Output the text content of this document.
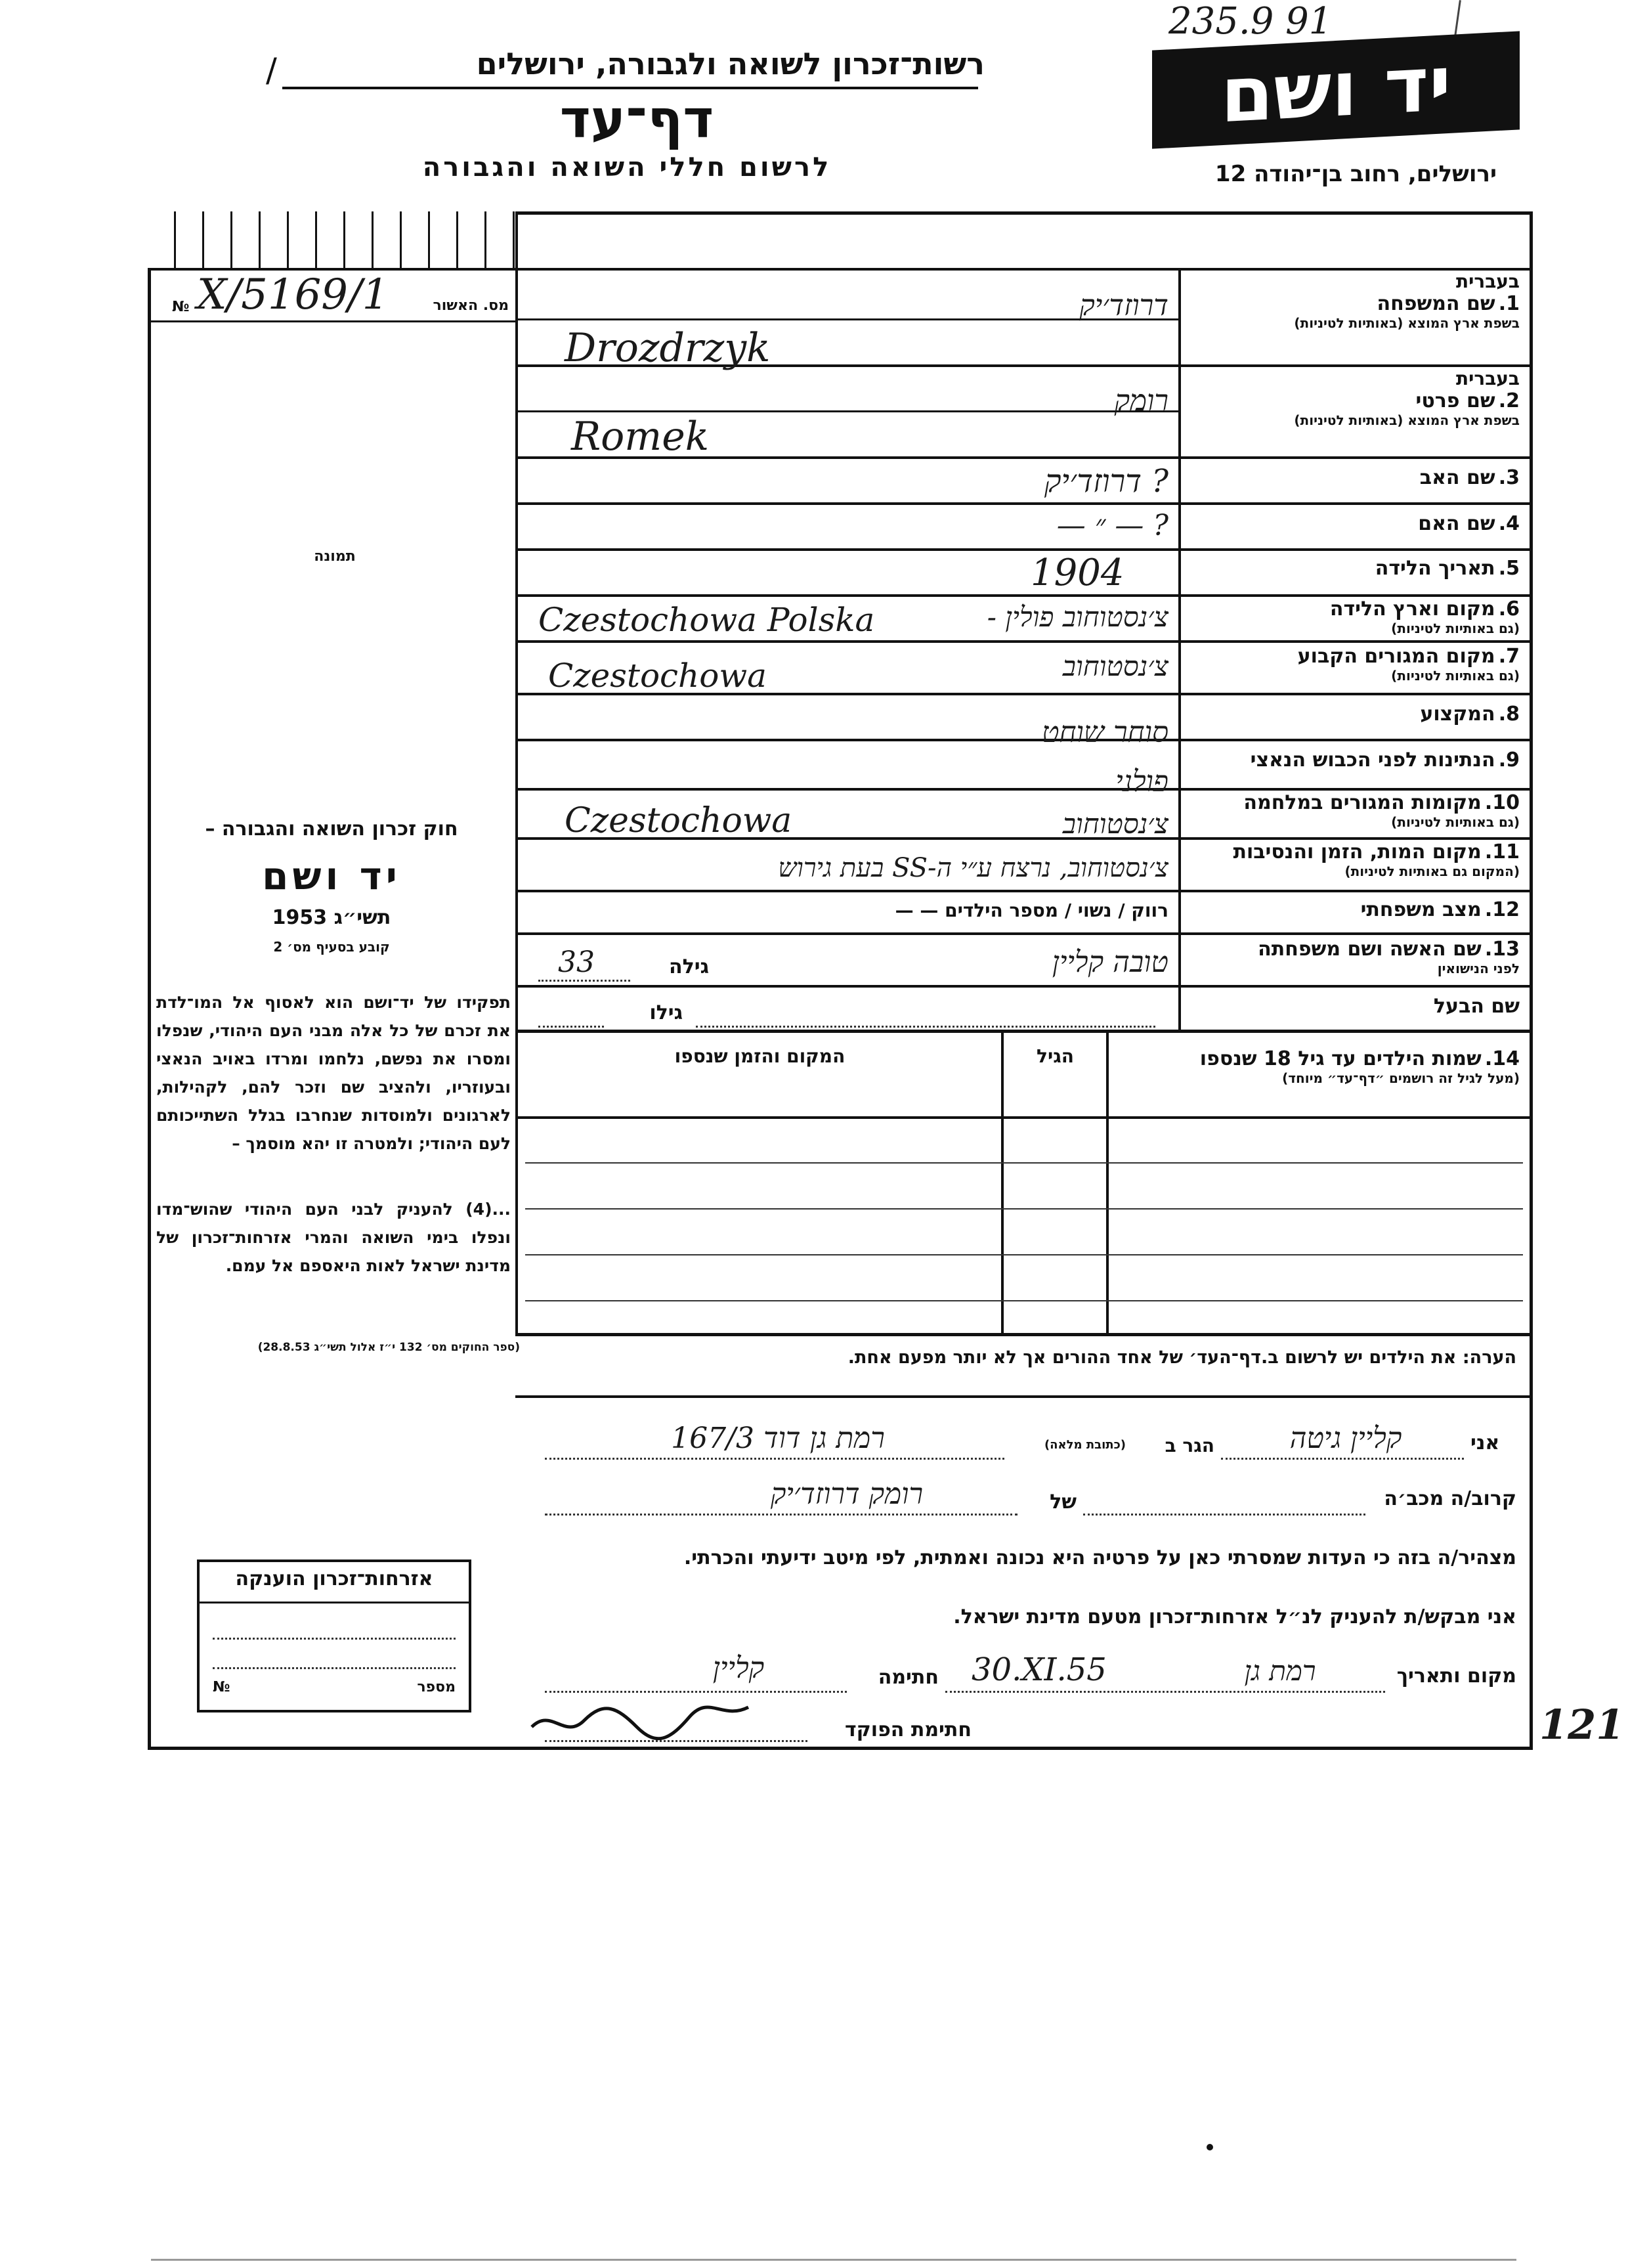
235.9 91
רשות־זכרון לשואה ולגבורה, ירושלים
/
דף־עד
לרשום חללי השואה והגבורה
יד ושם
ירושלים, רחוב בן־יהודה 12
מס. האשור
X/5169/1
№
תמונה
חוק זכרון השואה והגבורה –
יד ושם
תשי״ג 1953
קובע בסעיף מס׳ 2
תפקידו של יד־ושם הוא לאסוף אל המו־לדת את זכרם של כל אלה מבני העם היהודי, שנפלו ומסרו את נפשם, נלחמו ומרדו באויב הנאצי ובעוזריו, ולהציב שם וזכר להם, לקהילות, לארגונים ולמוסדות שנחרבו בגלל השתייכותם לעם היהודי; ולמטרה זו יהא מוסמך –
...(4) להעניק לבני העם היהודי שהוש־מדו ונפלו בימי השואה והמרי אזרחות־זכרון של מדינת ישראל לאות היאספם אל עמם.
(ספר החוקים מס׳ 132 י״ז אלול תשי״ג 28.8.53)
אזרחות־זכרון הוענקה
מספר
№
בעברית
1. שם המשפחה
בשפת ארץ המוצא (באותיות לטיניות)
דרוזד׳יק
Drozdrzyk
בעברית
2. שם פרטי
בשפת ארץ המוצא (באותיות לטיניות)
רומק
Romek
3. שם האב
? דרוזד׳יק
4. שם האם
? — ״ —
5. תאריך הלידה
1904
6. מקום וארץ הלידה
(גם באותיות לטיניות)
צ׳נסטוחוב פולין -
Czestochowa Polska
7. מקום המגורים הקבוע
(גם באותיות לטיניות)
צ׳נסטוחוב
Czestochowa
8. המקצוע
סוחר שוחט
9. הנתינות לפני הכבוש הנאצי
פולני
10. מקומות המגורים במלחמה
(גם באותיות לטיניות)
צ׳נסטוחוב
Czestochowa
11. מקום המות, הזמן והנסיבות
(המקום גם באותיות לטיניות)
צ׳נסטוחוב, נרצח ע״י ה-SS בעת גירוש
12. מצב משפחתי
רווק / נשוי / מספר הילדים — —
13. שם האשה ושם משפחתה
לפני הנישואין
טובה קליין
גילה
33
שם הבעל
גילו
14. שמות הילדים עד גיל 18 שנספו
(מעל לגיל זה רושמים ״דף־עד״ מיוחד)
הגיל
המקום והזמן שנספו
הערה: את הילדים יש לרשום ב.דף־העד׳ של אחד ההורים אך לא יותר מפעם אחת.
אני
קליין גיטה
הגר ב
(כתובת מלאה)
רמת גן דוד 167/3
קרוב/ה מכב׳ה
של
רומק דרוזד׳יק
מצהיר/ה בזה כי העדות שמסרתי כאן על פרטיה היא נכונה ואמתית, לפי מיטב ידיעתי והכרתי.
אני מבקש/ת להעניק לנ״ל אזרחות־זכרון מטעם מדינת ישראל.
מקום ותאריך
רמת גן
30.XI.55
חתימה
קליין
חתימת הפוקד	121
